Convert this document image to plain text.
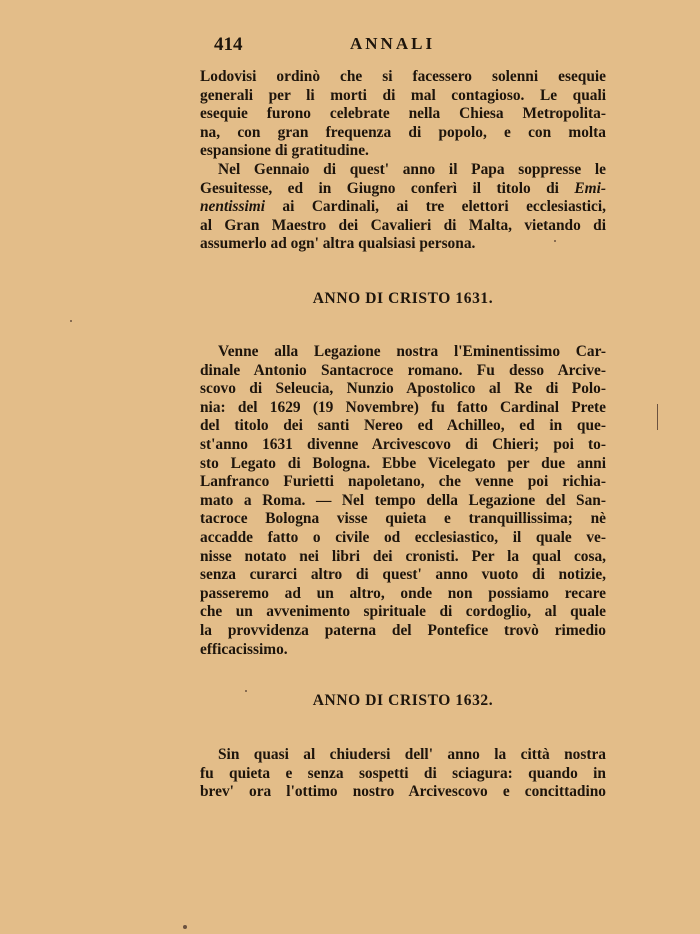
414	ANNALI
Lodovisi ordinò che si facessero solenni esequie
generali per li morti di mal contagioso. Le quali
esequie furono celebrate nella Chiesa Metropolita-
na, con gran frequenza di popolo, e con molta
espansione di gratitudine.
Nel Gennaio di quest' anno il Papa soppresse le
Gesuitesse, ed in Giugno conferì il titolo di Emi-
nentissimi ai Cardinali, ai tre elettori ecclesiastici,
al Gran Maestro dei Cavalieri di Malta, vietando di
assumerlo ad ogn' altra qualsiasi persona.
ANNO DI CRISTO 1631.
Venne alla Legazione nostra l'Eminentissimo Car-
dinale Antonio Santacroce romano. Fu desso Arcive-
scovo di Seleucia, Nunzio Apostolico al Re di Polo-
nia: del 1629 (19 Novembre) fu fatto Cardinal Prete
del titolo dei santi Nereo ed Achilleo, ed in que-
st'anno 1631 divenne Arcivescovo di Chieri; poi to-
sto Legato di Bologna. Ebbe Vicelegato per due anni
Lanfranco Furietti napoletano, che venne poi richia-
mato a Roma. — Nel tempo della Legazione del San-
tacroce Bologna visse quieta e tranquillissima; nè
accadde fatto o civile od ecclesiastico, il quale ve-
nisse notato nei libri dei cronisti. Per la qual cosa,
senza curarci altro di quest' anno vuoto di notizie,
passeremo ad un altro, onde non possiamo recare
che un avvenimento spirituale di cordoglio, al quale
la provvidenza paterna del Pontefice trovò rimedio
efficacissimo.
ANNO DI CRISTO 1632.
Sin quasi al chiudersi dell' anno la città nostra
fu quieta e senza sospetti di sciagura: quando in
brev' ora l'ottimo nostro Arcivescovo e concittadino
